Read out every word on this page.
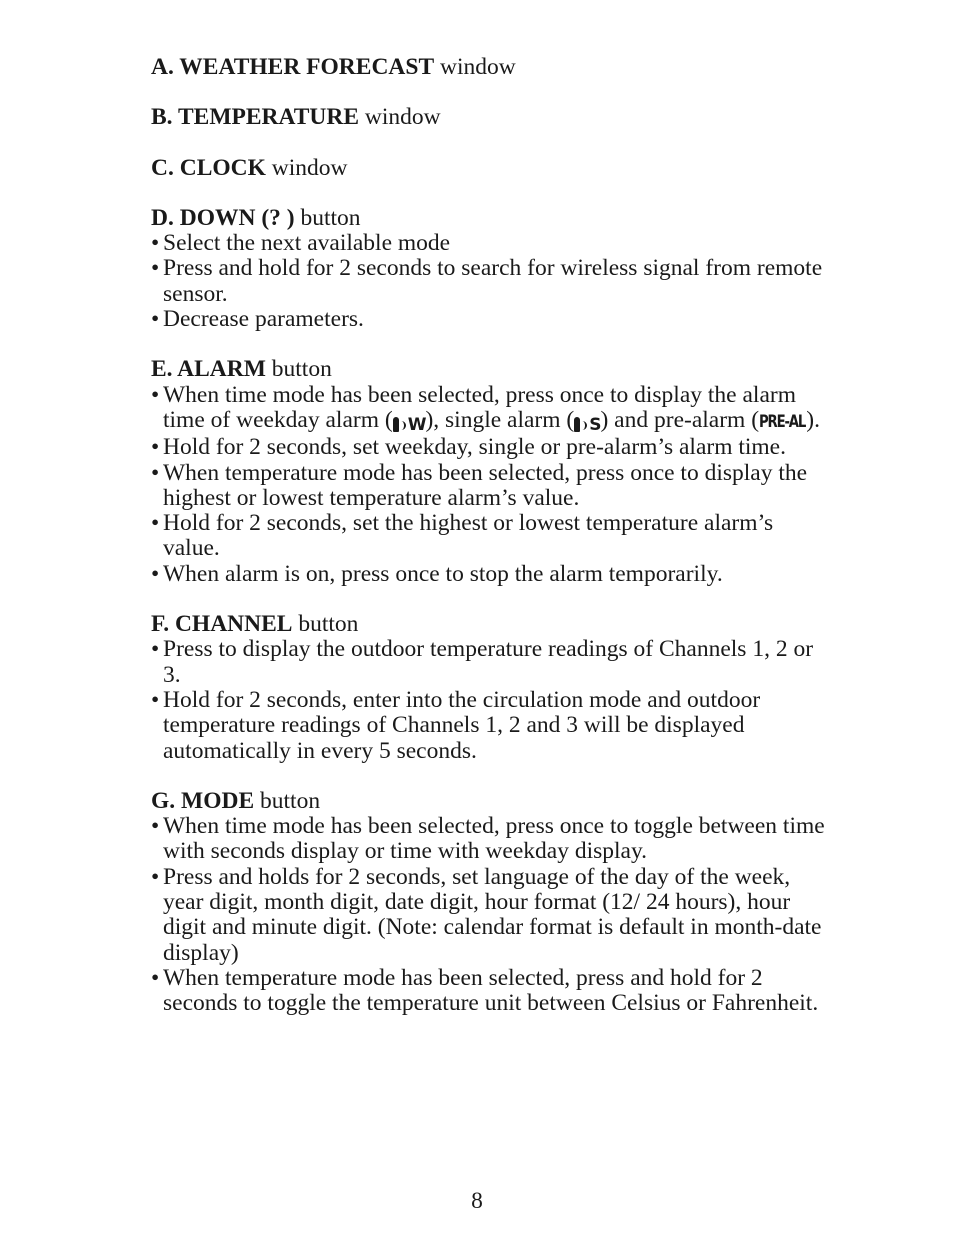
A. WEATHER FORECAST window

B. TEMPERATURE window

C. CLOCK window

D. DOWN (? ) button

• Select the next available mode
• Press and hold for 2 seconds to search for wireless signal from remote sensor.
• Decrease parameters.

E. ALARM button

• When time mode has been selected, press once to display the alarm time of weekday alarm ( W), single alarm ( S) and pre-alarm (PRE-AL).
• Hold for 2 seconds, set weekday, single or pre-alarm’s alarm time.
• When temperature mode has been selected, press once to display the highest or lowest temperature alarm’s value.
• Hold for 2 seconds, set the highest or lowest temperature alarm’s value.
• When alarm is on, press once to stop the alarm temporarily.

F. CHANNEL button

• Press to display the outdoor temperature readings of Channels 1, 2 or 3.
• Hold for 2 seconds, enter into the circulation mode and outdoor temperature readings of Channels 1, 2 and 3 will be displayed automatically in every 5 seconds.

G. MODE button

• When time mode has been selected, press once to toggle between time with seconds display or time with weekday display.
• Press and holds for 2 seconds, set language of the day of the week, year digit, month digit, date digit, hour format (12/ 24 hours), hour digit and minute digit. (Note: calendar format is default in month-date display)
• When temperature mode has been selected, press and hold for 2 seconds to toggle the temperature unit between Celsius or Fahrenheit.
8
